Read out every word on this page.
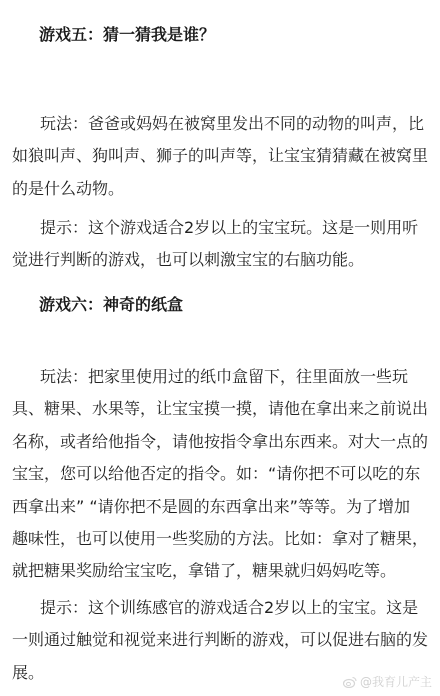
游戏五：猜一猜我是谁？
玩法：爸爸或妈妈在被窝里发出不同的动物的叫声，比
如狼叫声、狗叫声、狮子的叫声等，让宝宝猜猜藏在被窝里
的是什么动物。
提示：这个游戏适合2岁以上的宝宝玩。这是一则用听
觉进行判断的游戏，也可以刺激宝宝的右脑功能。
游戏六：神奇的纸盒
玩法：把家里使用过的纸巾盒留下，往里面放一些玩
具、糖果、水果等，让宝宝摸一摸，请他在拿出来之前说出
名称，或者给他指令，请他按指令拿出东西来。对大一点的
宝宝，您可以给他否定的指令。如：“请你把不可以吃的东
西拿出来” “请你把不是圆的东西拿出来”等等。为了增加
趣味性，也可以使用一些奖励的方法。比如：拿对了糖果，
就把糖果奖励给宝宝吃，拿错了，糖果就归妈妈吃等。
提示：这个训练感官的游戏适合2岁以上的宝宝。这是
一则通过触觉和视觉来进行判断的游戏，可以促进右脑的发
展。
@我育儿产主
